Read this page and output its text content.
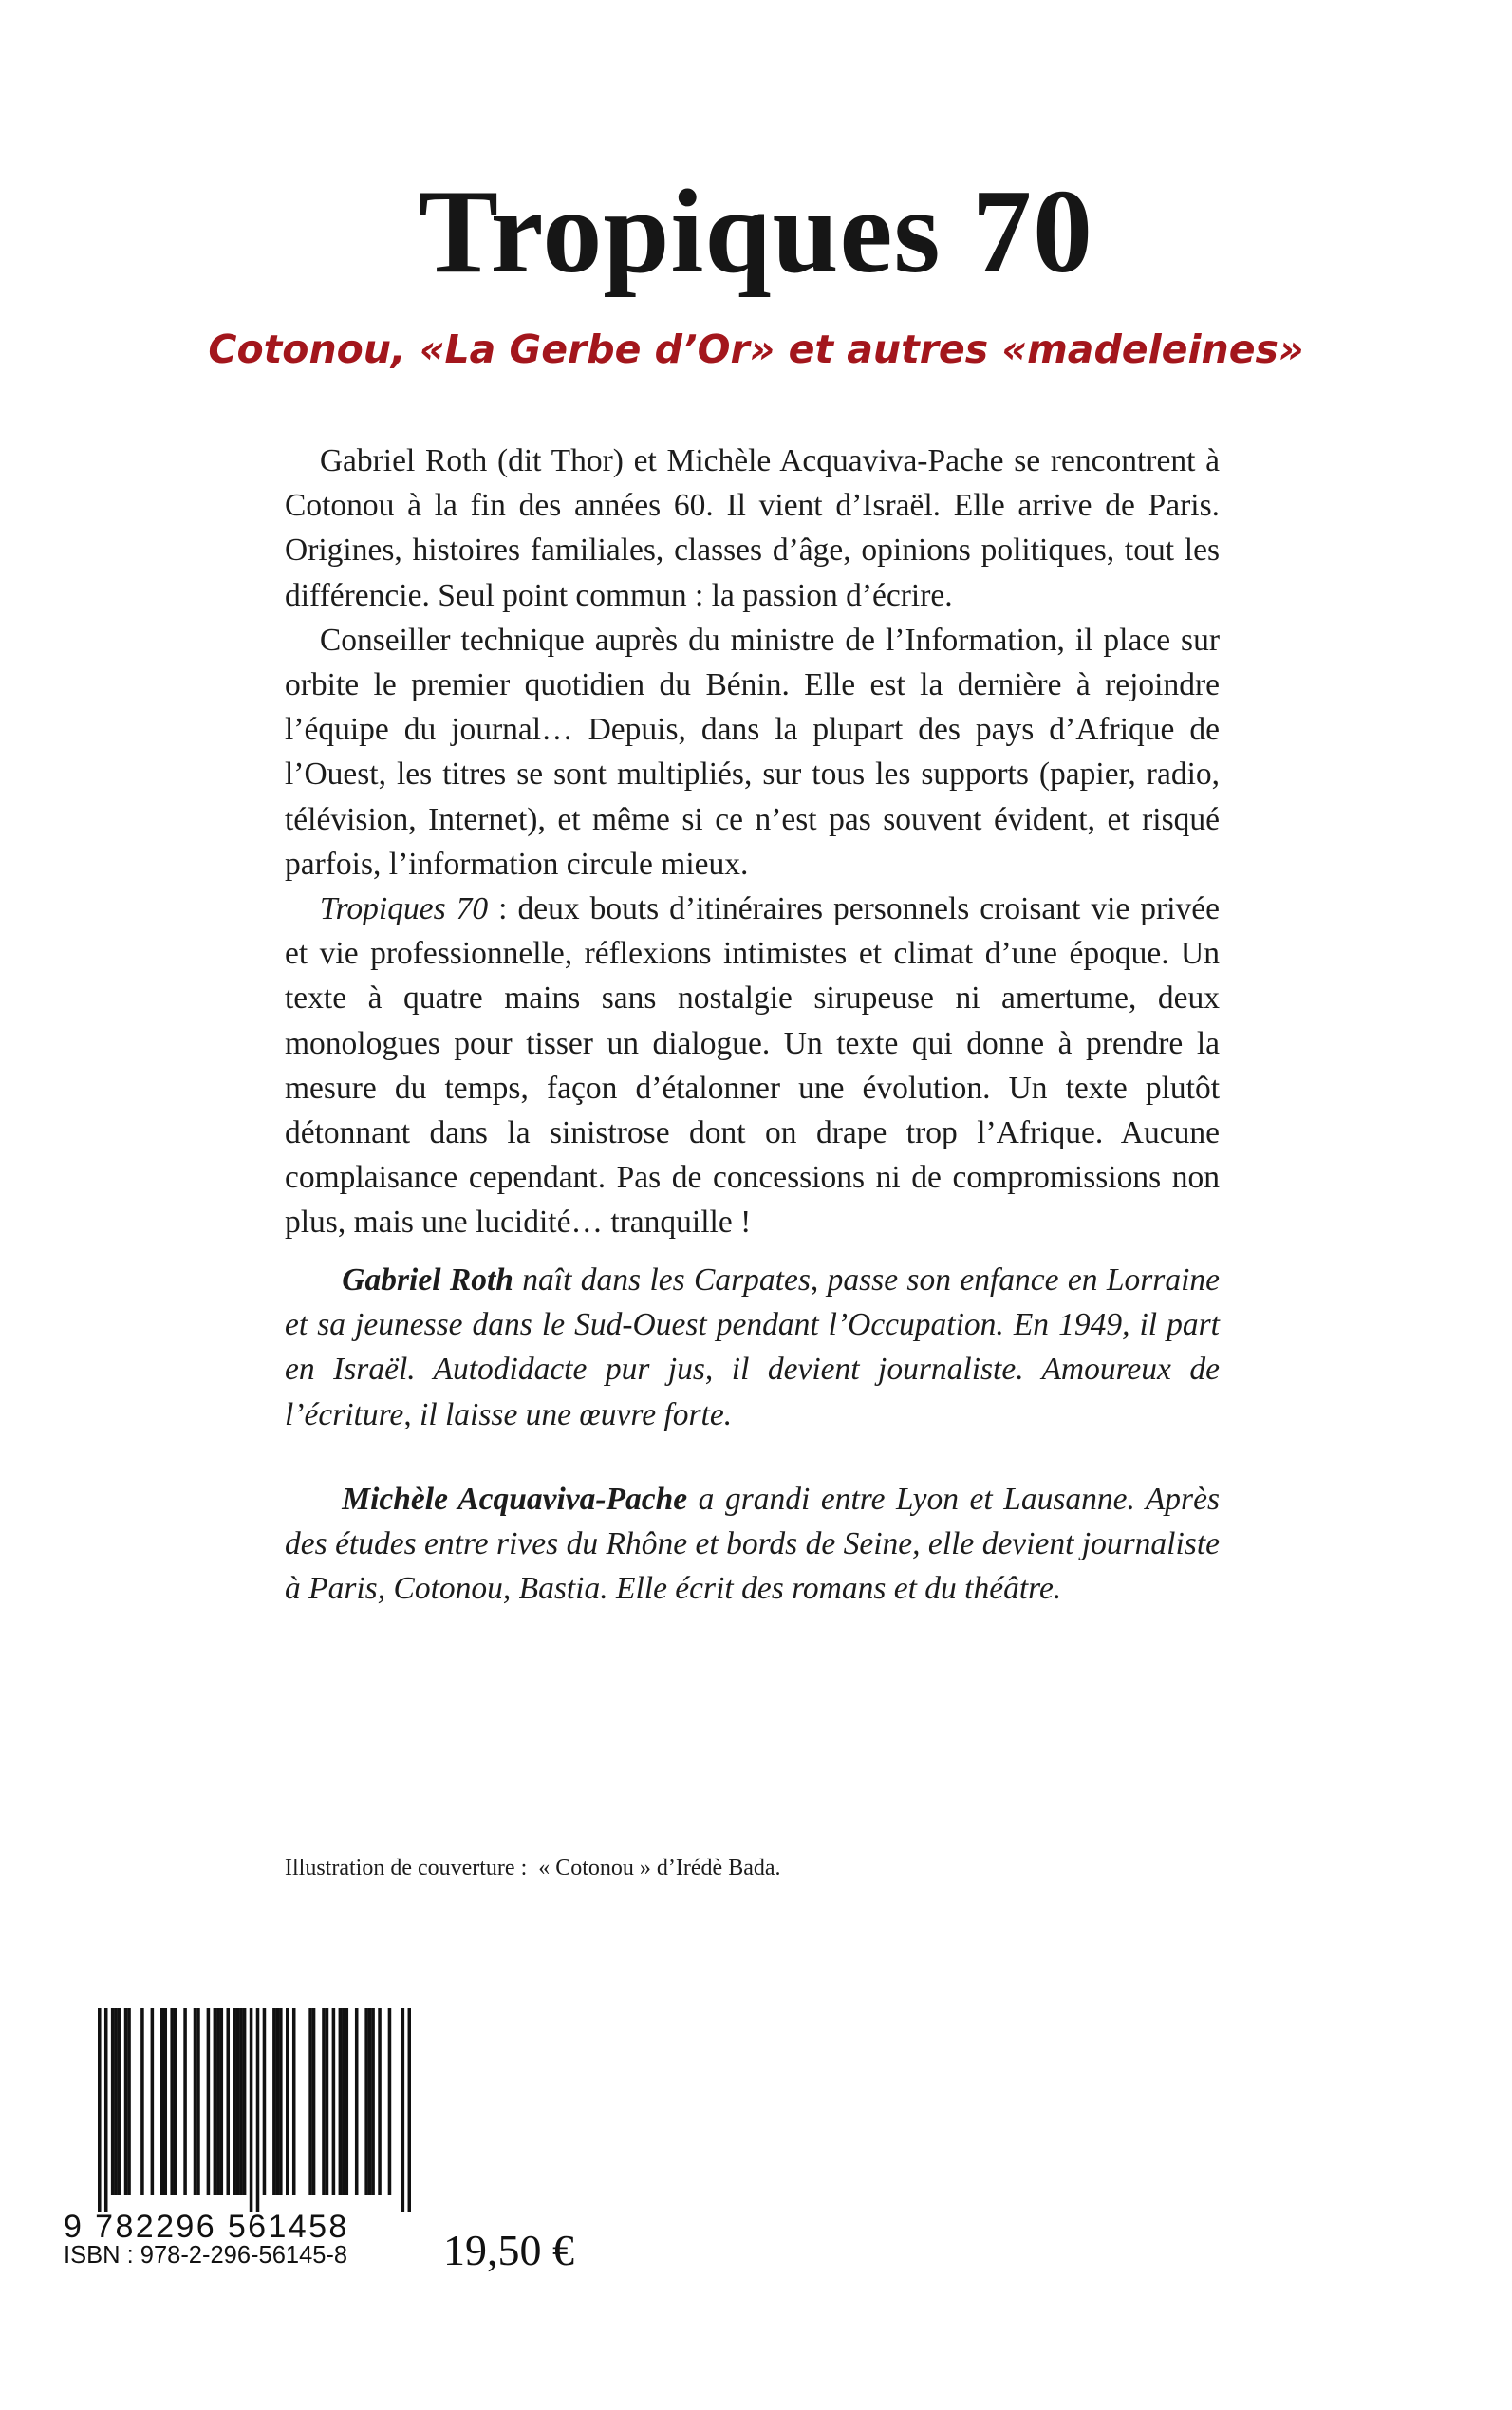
Tropiques 70
Cotonou, «La Gerbe d’Or» et autres «madeleines»

Gabriel Roth (dit Thor) et Michèle Acquaviva-Pache se rencontrent à Cotonou à la fin des années 60. Il vient d’Israël. Elle arrive de Paris. Origines, histoires familiales, classes d’âge, opinions politiques, tout les différencie. Seul point commun : la passion d’écrire.

Conseiller technique auprès du ministre de l’Information, il place sur orbite le premier quotidien du Bénin. Elle est la dernière à rejoindre l’équipe du journal… Depuis, dans la plupart des pays d’Afrique de l’Ouest, les titres se sont multipliés, sur tous les supports (papier, radio, télévision, Internet), et même si ce n’est pas souvent évident, et risqué parfois, l’information circule mieux.

Tropiques 70 : deux bouts d’itinéraires personnels croisant vie privée et vie professionnelle, réflexions intimistes et climat d’une époque. Un texte à quatre mains sans nostalgie sirupeuse ni amertume, deux monologues pour tisser un dialogue. Un texte qui donne à prendre la mesure du temps, façon d’étalonner une évolution. Un texte plutôt détonnant dans la sinistrose dont on drape trop l’Afrique. Aucune complaisance cependant. Pas de concessions ni de compromissions non plus, mais une lucidité… tranquille !

Gabriel Roth naît dans les Carpates, passe son enfance en Lorraine et sa jeunesse dans le Sud-Ouest pendant l’Occupation. En 1949, il part en Israël. Autodidacte pur jus, il devient journaliste. Amoureux de l’écriture, il laisse une œuvre forte.

Michèle Acquaviva-Pache a grandi entre Lyon et Lausanne. Après des études entre rives du Rhône et bords de Seine, elle devient journaliste à Paris, Cotonou, Bastia. Elle écrit des romans et du théâtre.

Illustration de couverture :  « Cotonou » d’Irédè Bada.
9 782296 561458
ISBN : 978-2-296-56145-8 19,50 €
